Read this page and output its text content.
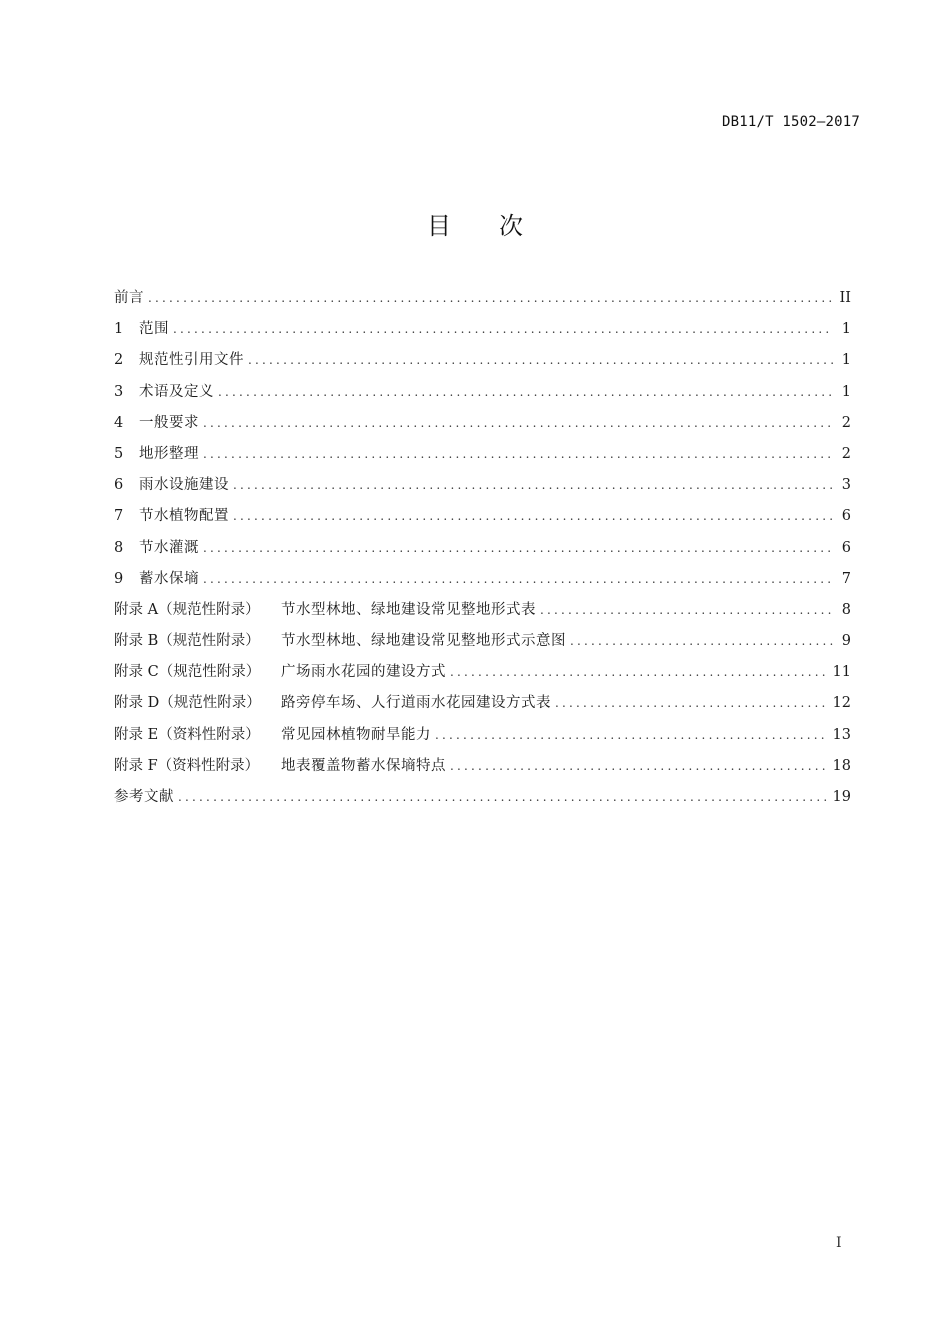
DB11/T 1502—2017
目 次
前言 .....	II
1	范围 .....	1
2	规范性引用文件 .....	1
3	术语及定义 .....	1
4	一般要求 .....	2
5	地形整理 .....	2
6	雨水设施建设 .....	3
7	节水植物配置 .....	6
8	节水灌溉 .....	6
9	蓄水保墒 .....	7
附录 A（规范性附录）	节水型林地、绿地建设常见整地形式表 .....	8
附录 B（规范性附录）	节水型林地、绿地建设常见整地形式示意图 .....	9
附录 C（规范性附录）	广场雨水花园的建设方式 .....	11
附录 D（规范性附录）	路旁停车场、人行道雨水花园建设方式表 .....	12
附录 E（资料性附录）	常见园林植物耐旱能力 .....	13
附录 F（资料性附录）	地表覆盖物蓄水保墒特点 .....	18
参考文献 .....	19
I
